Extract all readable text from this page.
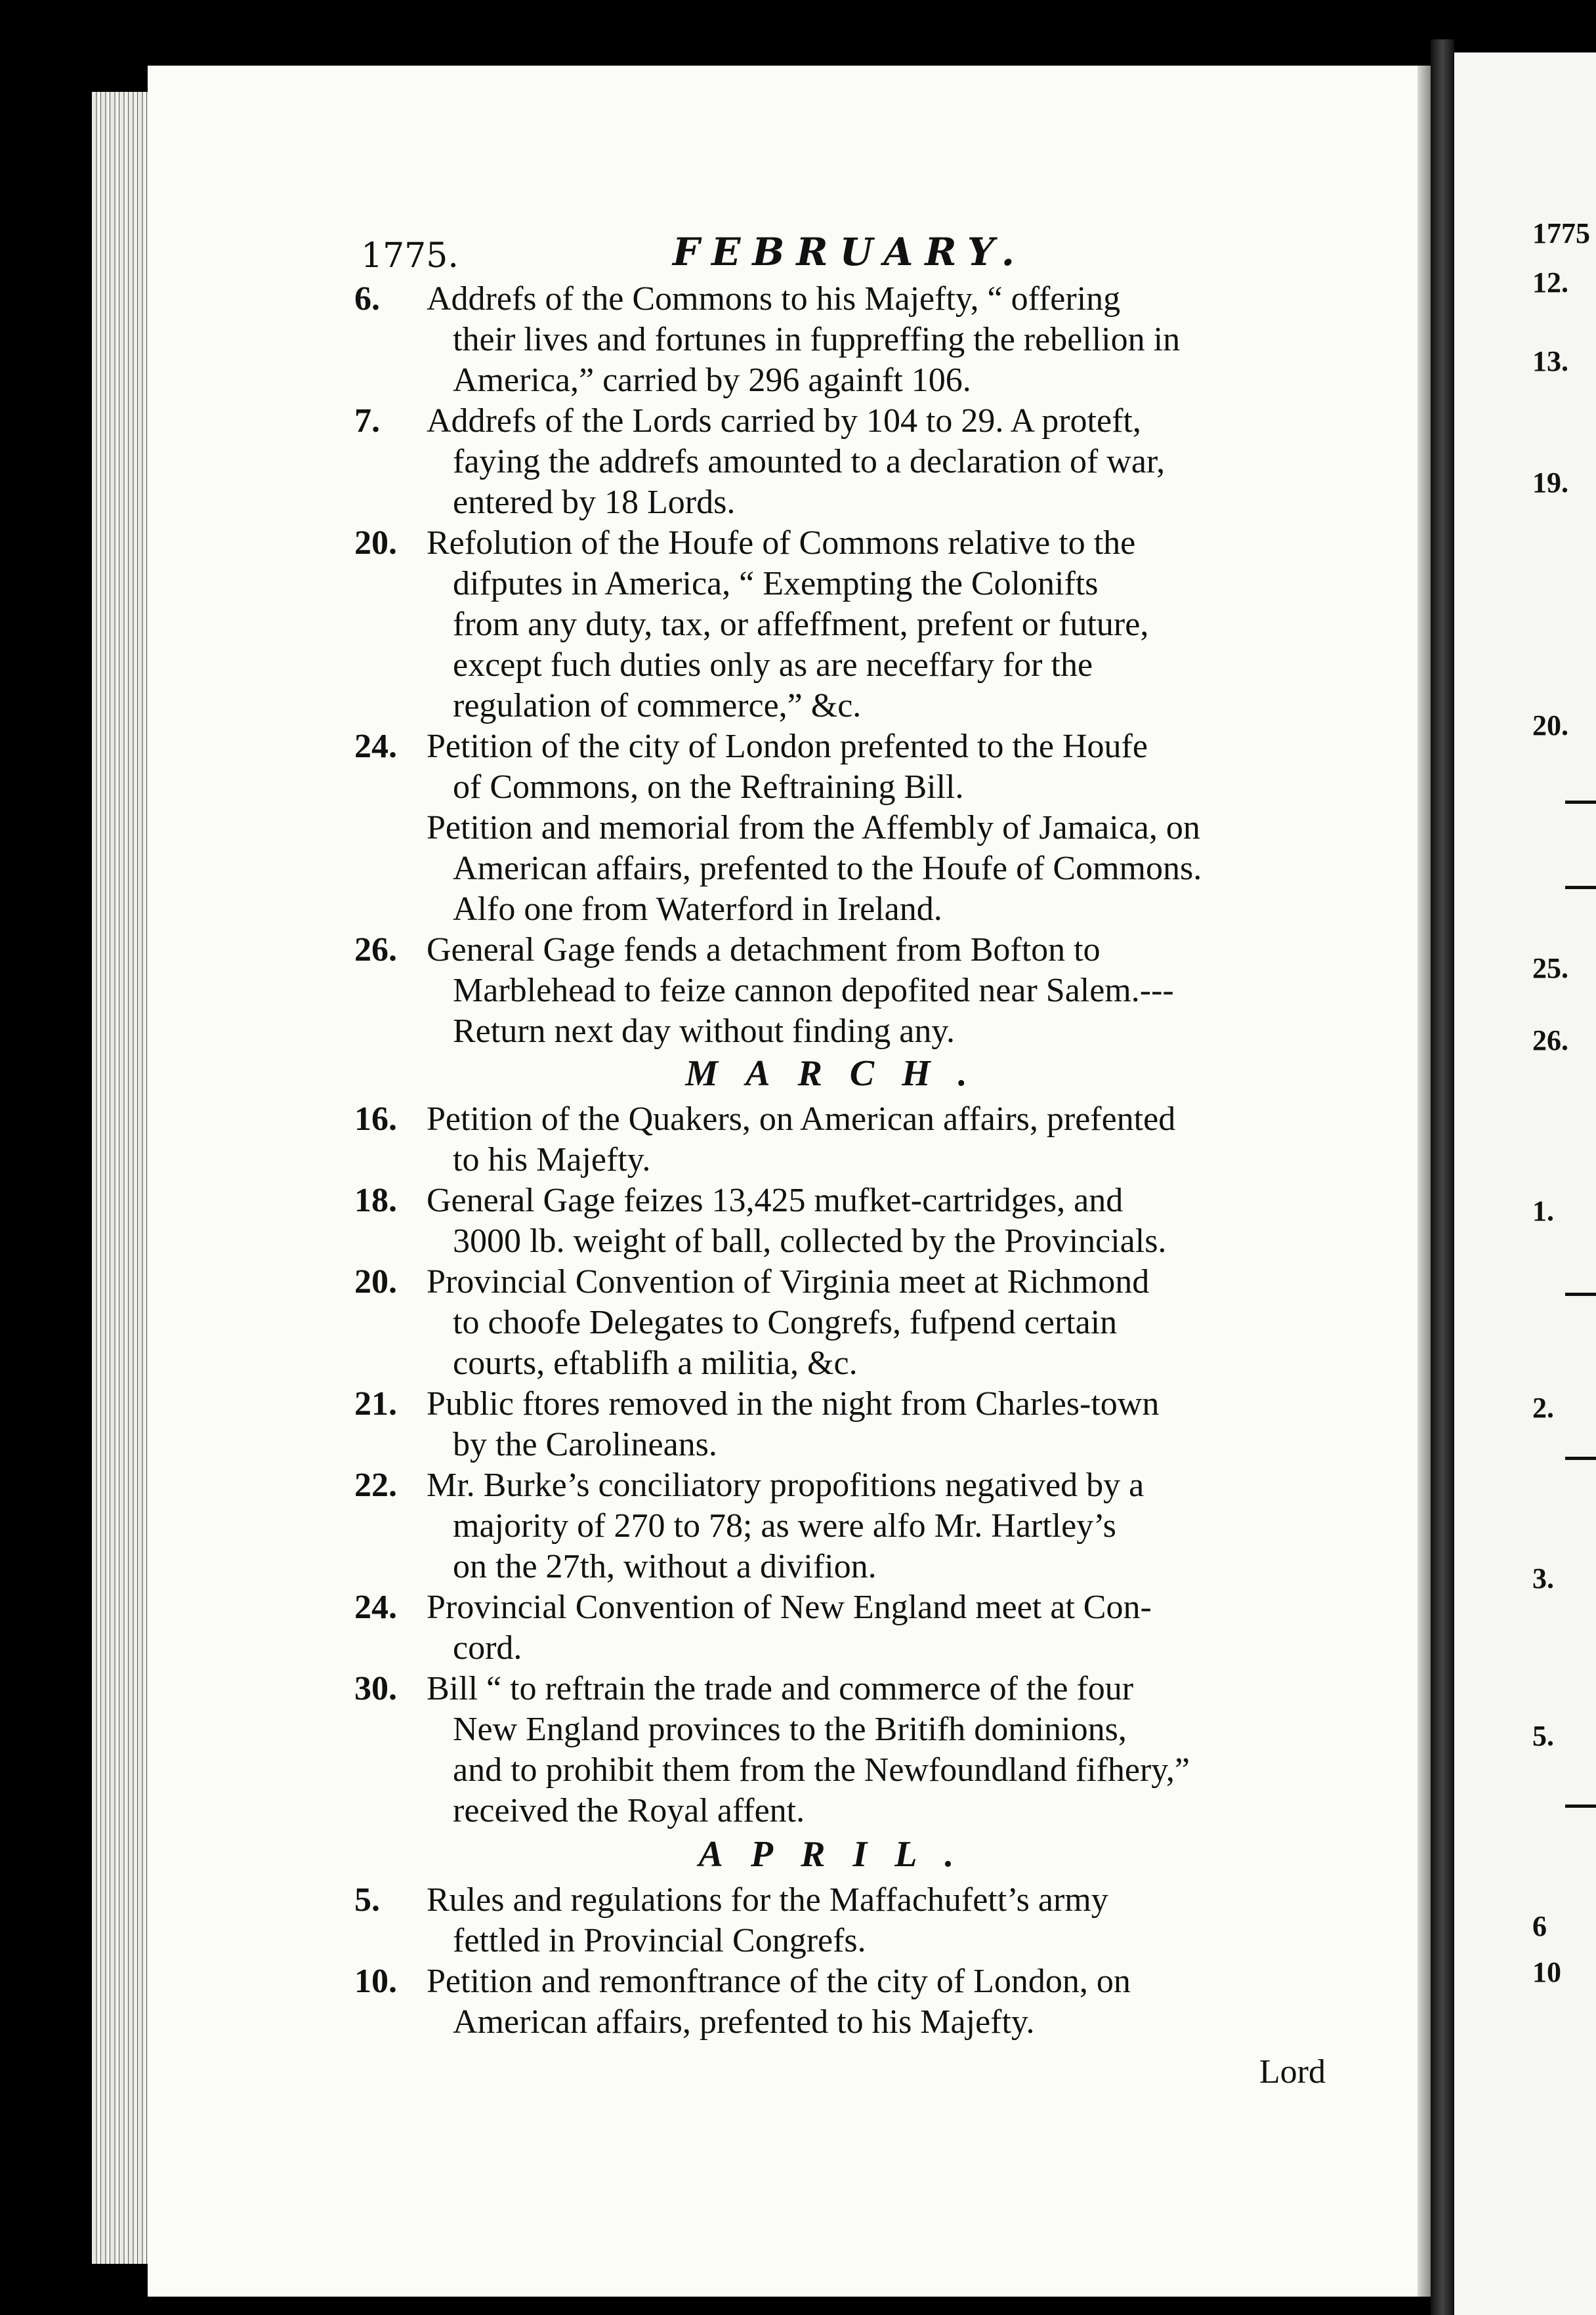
1775
12.
13.
19.
20.
25.
26.
1.
2.
3.
5.
6
10
1775.	FEBRUARY.
6.	Addrefs of the Commons to his Majefty, “ offering
their lives and fortunes in fuppreffing the rebellion in
America,” carried by 296 againft 106.
7.	Addrefs of the Lords carried by 104 to 29. A proteft,
faying the addrefs amounted to a declaration of war,
entered by 18 Lords.
20. Refolution of the Houfe of Commons relative to the
difputes in America, “ Exempting the Colonifts
from any duty, tax, or affeffment, prefent or future,
except fuch duties only as are neceffary for the
regulation of commerce,” &c.
24. Petition of the city of London prefented to the Houfe
of Commons, on the Reftraining Bill.
Petition and memorial from the Affembly of Jamaica, on
American affairs, prefented to the Houfe of Commons.
Alfo one from Waterford in Ireland.
26. General Gage fends a detachment from Bofton to
Marblehead to feize cannon depofited near Salem.---
Return next day without finding any.
MARCH.
16. Petition of the Quakers, on American affairs, prefented
to his Majefty.
18. General Gage feizes 13,425 mufket-cartridges, and
3000 lb. weight of ball, collected by the Provincials.
20. Provincial Convention of Virginia meet at Richmond
to choofe Delegates to Congrefs, fufpend certain
courts, eftablifh a militia, &c.
21. Public ftores removed in the night from Charles-town
by the Carolineans.
22. Mr. Burke’s conciliatory propofitions negatived by a
majority of 270 to 78; as were alfo Mr. Hartley’s
on the 27th, without a divifion.
24. Provincial Convention of New England meet at Con-
cord.
30. Bill “ to reftrain the trade and commerce of the four
New England provinces to the Britifh dominions,
and to prohibit them from the Newfoundland fifhery,”
received the Royal affent.
APRIL.
5.	Rules and regulations for the Maffachufett’s army
fettled in Provincial Congrefs.
10. Petition and remonftrance of the city of London, on
American affairs, prefented to his Majefty.
Lord
